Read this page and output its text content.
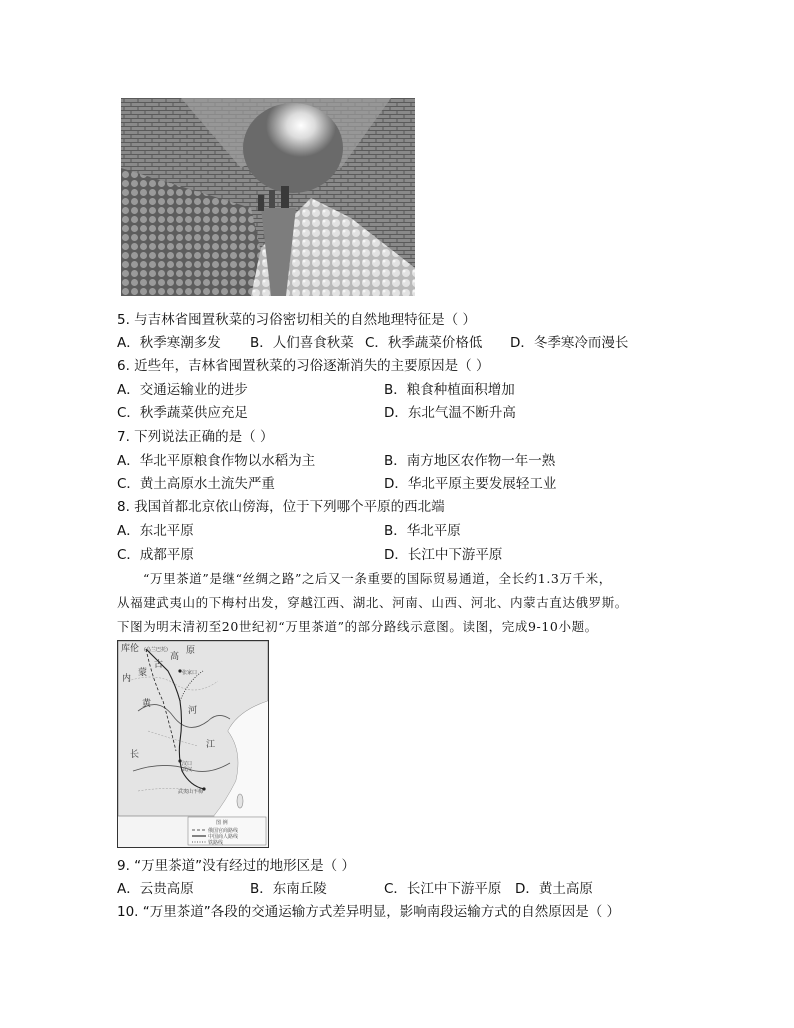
5. 与吉林省囤置秋菜的习俗密切相关的自然地理特征是（ ）
A．秋季寒潮多发 B．人们喜食秋菜 C．秋季蔬菜价格低 D．冬季寒冷而漫长
6. 近些年，吉林省囤置秋菜的习俗逐渐消失的主要原因是（ ）
A．交通运输业的进步	B．粮食种植面积增加
C．秋季蔬菜供应充足	D．东北气温不断升高
7. 下列说法正确的是（ ）
A．华北平原粮食作物以水稻为主	B．南方地区农作物一年一熟
C．黄土高原水土流失严重	D．华北平原主要发展轻工业
8. 我国首都北京依山傍海，位于下列哪个平原的西北端
A．东北平原	B．华北平原
C．成都平原	D．长江中下游平原
“万里茶道”是继“丝绸之路”之后又一条重要的国际贸易通道，全长约1.3万千米，
从福建武夷山的下梅村出发，穿越江西、湖北、河南、山西、河北、内蒙古直达俄罗斯。
下图为明末清初至20世纪初“万里茶道”的部分路线示意图。读图，完成9-10小题。
库伦 (乌兰巴托)
内
蒙
古
高
原
张家口
黄
河
长
江
汉口
武汉
武夷山下梅
图 例
俄国官商路线
中国商人路线
铁路线
9. “万里茶道”没有经过的地形区是（ ）
A．云贵高原	B．东南丘陵	C．长江中下游平原 D．黄土高原
10. “万里茶道”各段的交通运输方式差异明显，影响南段运输方式的自然原因是（ ）
